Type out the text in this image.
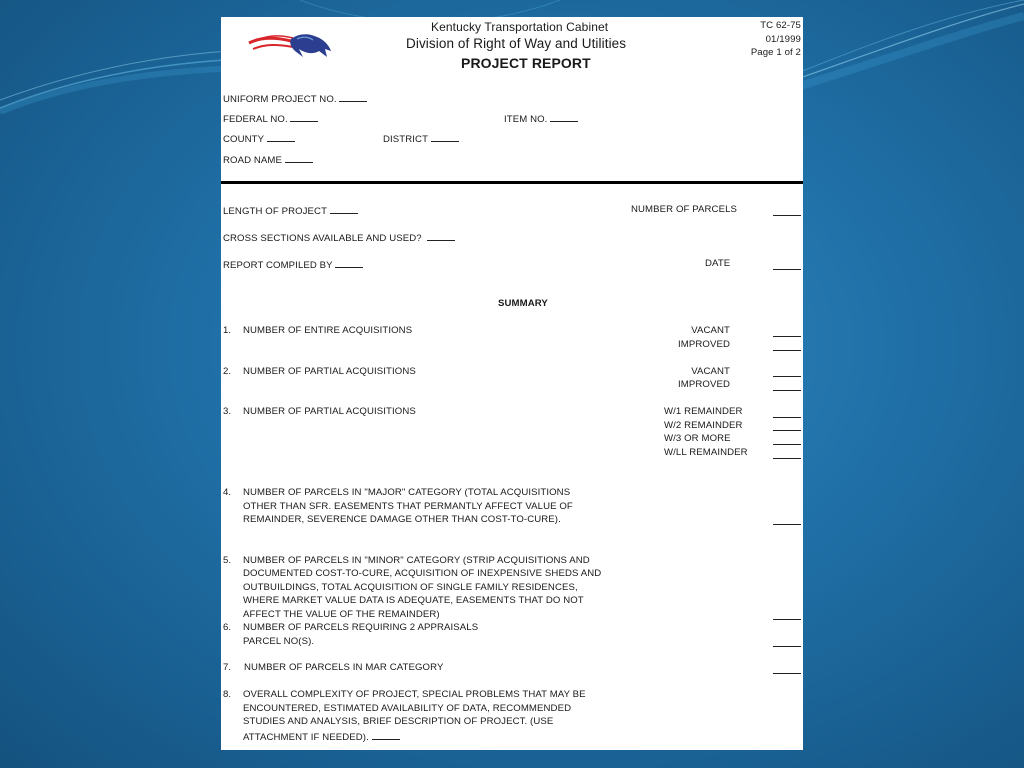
Kentucky Transportation Cabinet
Division of Right of Way and Utilities
PROJECT REPORT
TC 62-75
01/1999
Page 1 of 2
UNIFORM PROJECT NO.
FEDERAL NO.	ITEM NO.
COUNTY	DISTRICT
ROAD NAME
LENGTH OF PROJECT	NUMBER OF PARCELS
CROSS SECTIONS AVAILABLE AND USED?
REPORT COMPILED BY	DATE
SUMMARY
1. NUMBER OF ENTIRE ACQUISITIONS	VACANT
IMPROVED
2. NUMBER OF PARTIAL ACQUISITIONS	VACANT
IMPROVED
3. NUMBER OF PARTIAL ACQUISITIONS	W/1 REMAINDER
W/2 REMAINDER
W/3 OR MORE
W/LL REMAINDER
4. NUMBER OF PARCELS IN "MAJOR" CATEGORY (TOTAL ACQUISITIONS
OTHER THAN SFR. EASEMENTS THAT PERMANTLY AFFECT VALUE OF
REMAINDER, SEVERENCE DAMAGE OTHER THAN COST-TO-CURE).
5. NUMBER OF PARCELS IN "MINOR" CATEGORY (STRIP ACQUISITIONS AND
DOCUMENTED COST-TO-CURE, ACQUISITION OF INEXPENSIVE SHEDS AND
OUTBUILDINGS, TOTAL ACQUISITION OF SINGLE FAMILY RESIDENCES,
WHERE MARKET VALUE DATA IS ADEQUATE, EASEMENTS THAT DO NOT
AFFECT THE VALUE OF THE REMAINDER)
6. NUMBER OF PARCELS REQUIRING 2 APPRAISALS
PARCEL NO(S).
7. NUMBER OF PARCELS IN MAR CATEGORY
8. OVERALL COMPLEXITY OF PROJECT, SPECIAL PROBLEMS THAT MAY BE
ENCOUNTERED, ESTIMATED AVAILABILITY OF DATA, RECOMMENDED
STUDIES AND ANALYSIS, BRIEF DESCRIPTION OF PROJECT. (USE
ATTACHMENT IF NEEDED).
